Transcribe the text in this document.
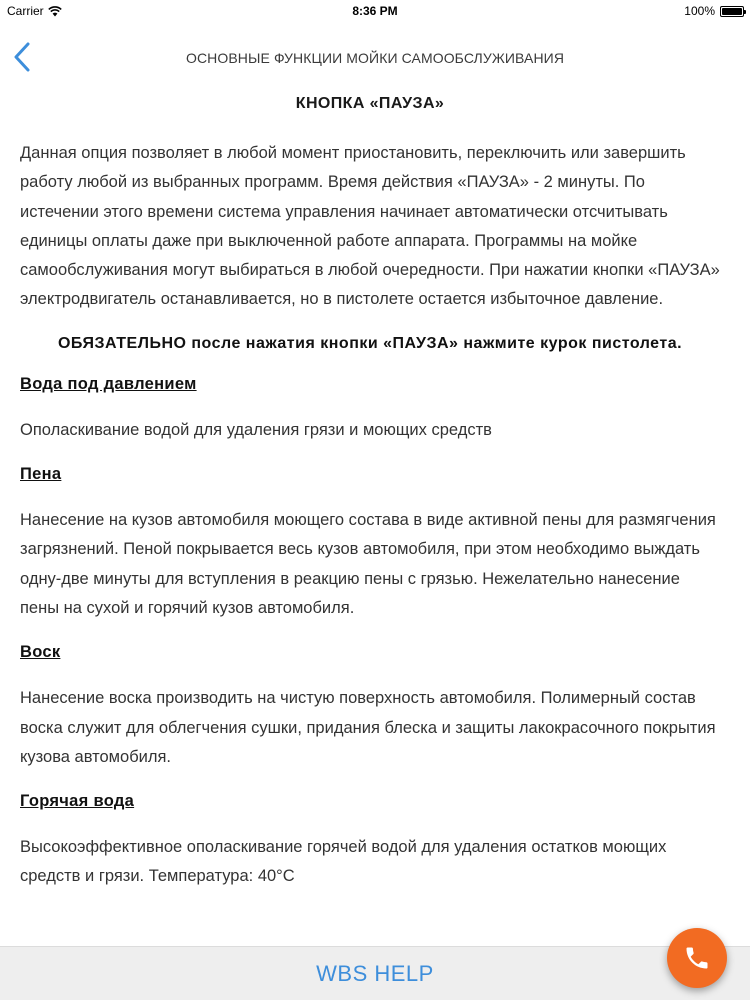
Carrier	8:36 PM	100%
ОСНОВНЫЕ ФУНКЦИИ МОЙКИ САМООБСЛУЖИВАНИЯ
КНОПКА «ПАУЗА»

Данная опция позволяет в любой момент приостановить, переключить или завершить работу любой из выбранных программ. Время действия «ПАУЗА» - 2 минуты. По истечении этого времени система управления начинает автоматически отсчитывать единицы оплаты даже при выключенной работе аппарата. Программы на мойке самообслуживания могут выбираться в любой очередности. При нажатии кнопки «ПАУЗА» электродвигатель останавливается, но в пистолете остается избыточное давление.

ОБЯЗАТЕЛЬНО после нажатия кнопки «ПАУЗА» нажмите курок пистолета.
Вода под давлением

Ополаскивание водой для удаления грязи и моющих средств

Пена

Нанесение на кузов автомобиля моющего состава в виде активной пены для размягчения загрязнений. Пеной покрывается весь кузов автомобиля, при этом необходимо выждать одну-две минуты для вступления в реакцию пены с грязью. Нежелательно нанесение пены на сухой и горячий кузов автомобиля.

Воск

Нанесение воска производить на чистую поверхность автомобиля. Полимерный состав воска служит для облегчения сушки, придания блеска и защиты лакокрасочного покрытия кузова автомобиля.

Горячая вода

Высокоэффективное ополаскивание горячей водой для удаления остатков моющих средств и грязи. Температура: 40°С

WBS HELP
